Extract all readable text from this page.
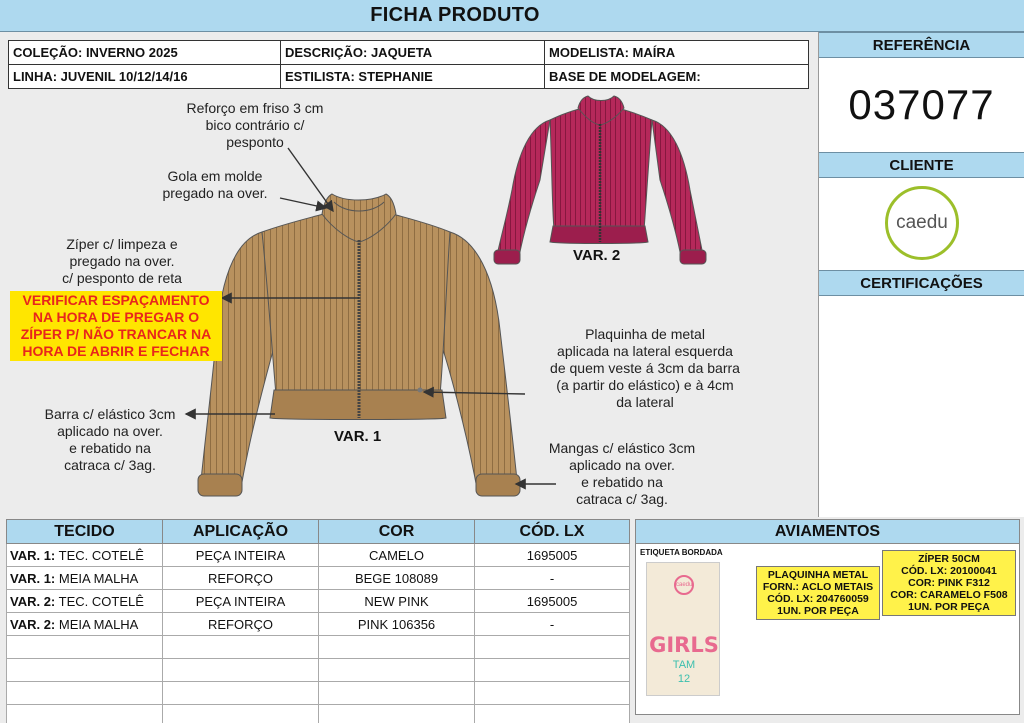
FICHA PRODUTO
COLEÇÃO: INVERNO 2025	DESCRIÇÃO: JAQUETA	MODELISTA: MAÍRA
LINHA: JUVENIL 10/12/14/16	ESTILISTA: STEPHANIE	BASE DE MODELAGEM:
REFERÊNCIA
037077
CLIENTE
caedu
CERTIFICAÇÕES
Reforço em friso 3 cm
bico contrário c/
pesponto
Gola em molde
pregado na over.
Zíper c/ limpeza e
pregado na over.
c/ pesponto de reta
VERIFICAR ESPAÇAMENTO
NA HORA DE PREGAR O
ZÍPER P/ NÃO TRANCAR NA
HORA DE ABRIR E FECHAR
Plaquinha de metal
aplicada na lateral esquerda
de quem veste á 3cm da barra
(a partir do elástico) e à 4cm
da lateral
Barra c/ elástico 3cm
aplicado na over.
e rebatido na
catraca c/ 3ag.
Mangas c/ elástico 3cm
aplicado na over.
e rebatido na
catraca c/ 3ag.
VAR. 1
VAR. 2
TECIDO	APLICAÇÃO	COR	CÓD. LX
VAR. 1: TEC. COTELÊ	PEÇA INTEIRA	CAMELO	1695005
VAR. 1: MEIA MALHA	REFORÇO	BEGE 108089	-
VAR. 2: TEC. COTELÊ	PEÇA INTEIRA	NEW PINK	1695005
VAR. 2: MEIA MALHA	REFORÇO	PINK 106356	-

AVIAMENTOS
ETIQUETA BORDADA
caedu
GIRLS
TAM
12
PLAQUINHA METAL
FORN.: ACLO METAIS
CÓD. LX: 204760059
1UN. POR PEÇA
ZÍPER 50CM
CÓD. LX: 20100041
COR: PINK F312
COR: CARAMELO F508
1UN. POR PEÇA
